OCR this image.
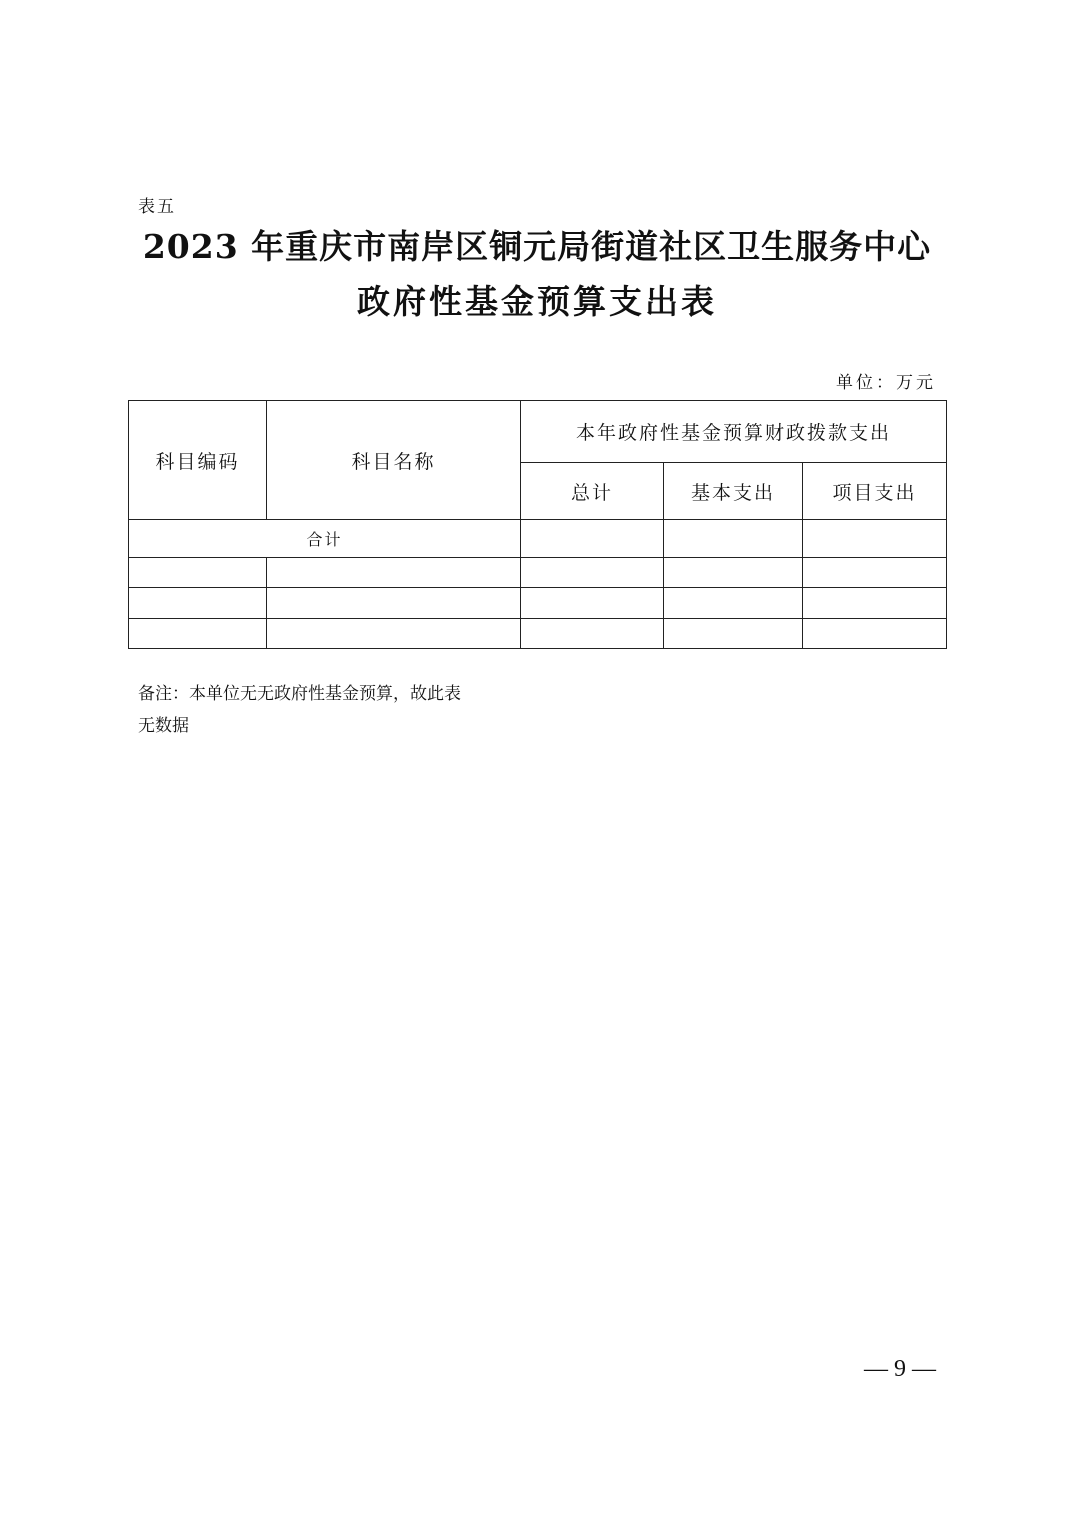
表五
2023 年重庆市南岸区铜元局街道社区卫生服务中心
政府性基金预算支出表
单位：万元
科目编码	科目名称	本年政府性基金预算财政拨款支出		
		总计	基本支出	项目支出
合计				

备注：本单位无无政府性基金预算，故此表
无数据
— 9 —
